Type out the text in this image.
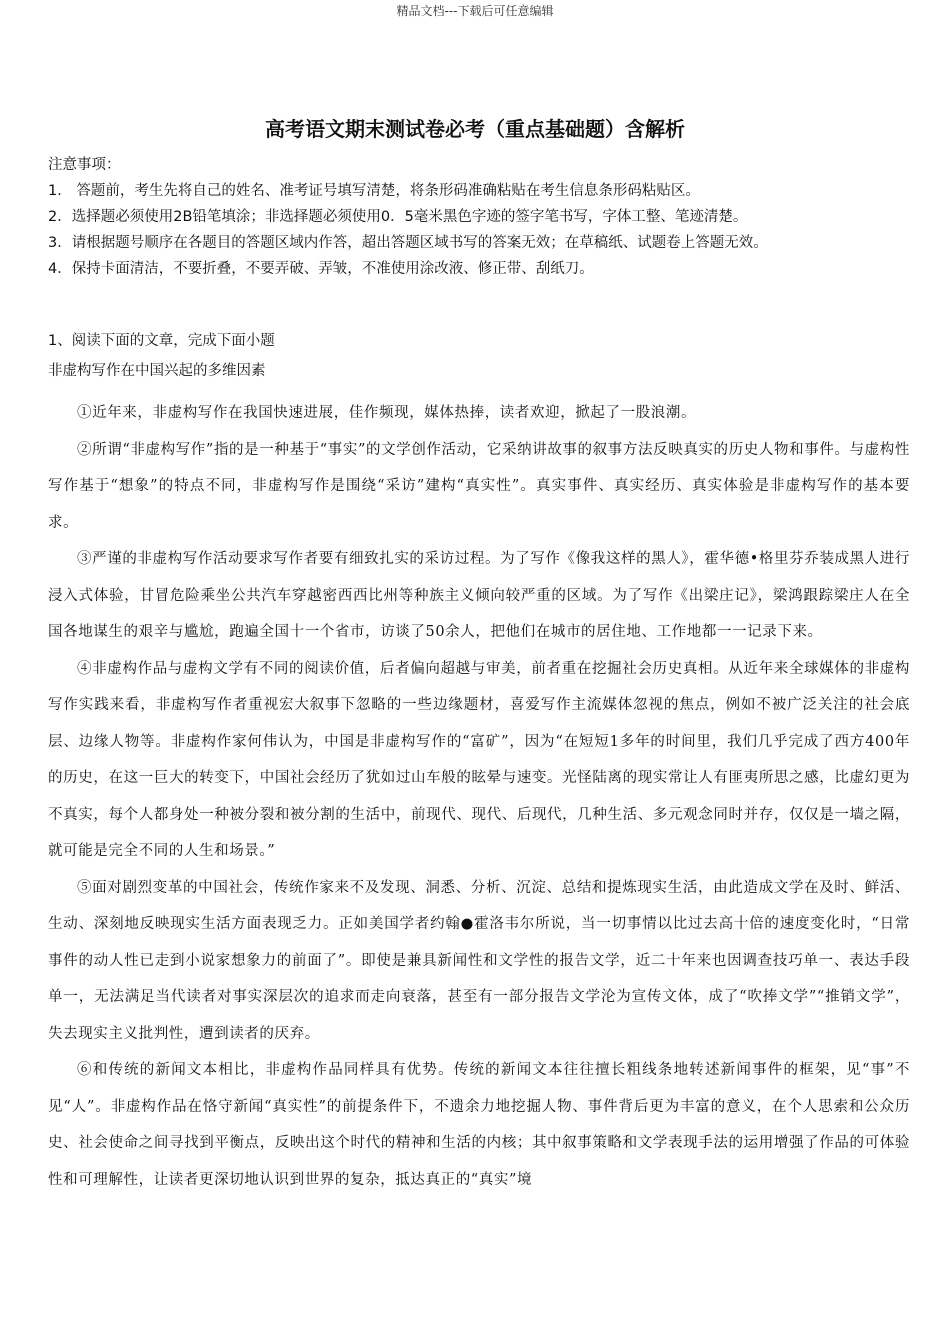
精品文档---下载后可任意编辑
高考语文期末测试卷必考（重点基础题）含解析
注意事项：
1． 答题前，考生先将自己的姓名、准考证号填写清楚，将条形码准确粘贴在考生信息条形码粘贴区。
2．选择题必须使用2B铅笔填涂；非选择题必须使用0．5毫米黑色字迹的签字笔书写，字体工整、笔迹清楚。
3．请根据题号顺序在各题目的答题区域内作答，超出答题区域书写的答案无效；在草稿纸、试题卷上答题无效。
4．保持卡面清洁，不要折叠，不要弄破、弄皱，不准使用涂改液、修正带、刮纸刀。
1、阅读下面的文章，完成下面小题
非虚构写作在中国兴起的多维因素

①近年来，非虚构写作在我国快速进展，佳作频现，媒体热捧，读者欢迎，掀起了一股浪潮。

②所谓“非虚构写作”指的是一种基于“事实”的文学创作活动，它采纳讲故事的叙事方法反映真实的历史人物和事件。与虚构性写作基于“想象”的特点不同，非虚构写作是围绕“采访”建构“真实性”。真实事件、真实经历、真实体验是非虚构写作的基本要求。

③严谨的非虚构写作活动要求写作者要有细致扎实的采访过程。为了写作《像我这样的黑人》，霍华德•格里芬乔装成黑人进行浸入式体验，甘冒危险乘坐公共汽车穿越密西西比州等种族主义倾向较严重的区域。为了写作《出梁庄记》，梁鸿跟踪梁庄人在全国各地谋生的艰辛与尴尬，跑遍全国十一个省市，访谈了50余人，把他们在城市的居住地、工作地都一一记录下来。

④非虚构作品与虚构文学有不同的阅读价值，后者偏向超越与审美，前者重在挖掘社会历史真相。从近年来全球媒体的非虚构写作实践来看，非虚构写作者重视宏大叙事下忽略的一些边缘题材，喜爱写作主流媒体忽视的焦点，例如不被广泛关注的社会底层、边缘人物等。非虚构作家何伟认为，中国是非虚构写作的“富矿”，因为“在短短1多年的时间里，我们几乎完成了西方400年的历史，在这一巨大的转变下，中国社会经历了犹如过山车般的眩晕与速变。光怪陆离的现实常让人有匪夷所思之感，比虚幻更为不真实，每个人都身处一种被分裂和被分割的生活中，前现代、现代、后现代，几种生活、多元观念同时并存，仅仅是一墙之隔，就可能是完全不同的人生和场景。”

⑤面对剧烈变革的中国社会，传统作家来不及发现、洞悉、分析、沉淀、总结和提炼现实生活，由此造成文学在及时、鲜活、生动、深刻地反映现实生活方面表现乏力。正如美国学者约翰●霍洛韦尔所说，当一切事情以比过去高十倍的速度变化时，“日常事件的动人性已走到小说家想象力的前面了”。即使是兼具新闻性和文学性的报告文学，近二十年来也因调查技巧单一、表达手段单一，无法满足当代读者对事实深层次的追求而走向衰落，甚至有一部分报告文学沦为宣传文体，成了“吹捧文学”“推销文学”，失去现实主义批判性，遭到读者的厌弃。

⑥和传统的新闻文本相比，非虚构作品同样具有优势。传统的新闻文本往往擅长粗线条地转述新闻事件的框架，见“事”不见“人”。非虚构作品在恪守新闻“真实性”的前提条件下，不遗余力地挖掘人物、事件背后更为丰富的意义，在个人思索和公众历史、社会使命之间寻找到平衡点，反映出这个时代的精神和生活的内核；其中叙事策略和文学表现手法的运用增强了作品的可体验性和可理解性，让读者更深切地认识到世界的复杂，抵达真正的“真实”境
